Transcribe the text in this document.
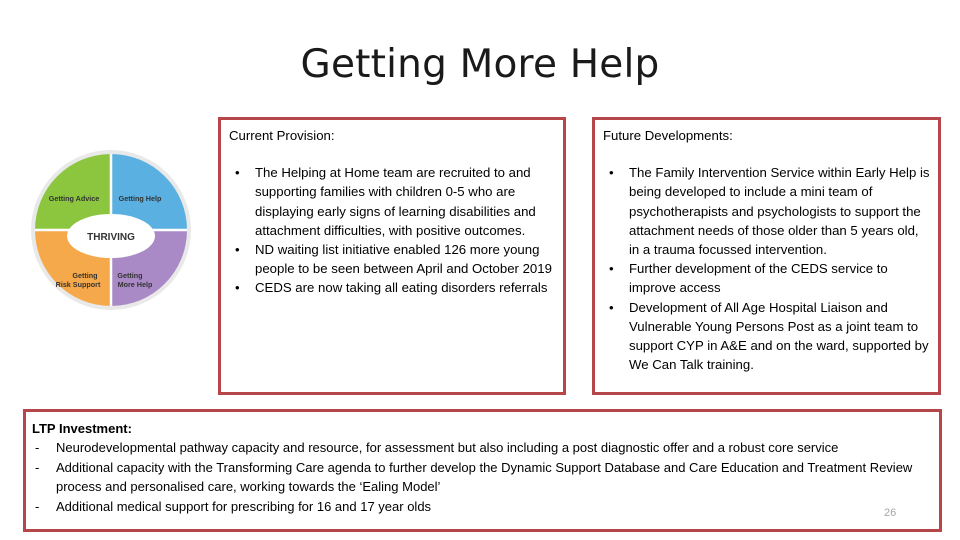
Getting More Help
Getting Advice	Getting Help
Getting
Risk Support
Getting
More Help
THRIVING
Current Provision:
• The Helping at Home team are recruited to and supporting families with children 0-5 who are displaying early signs of learning disabilities and attachment difficulties, with positive outcomes.
• ND waiting list initiative enabled 126 more young people to be seen between April and October 2019
• CEDS are now taking all eating disorders referrals
Future Developments:
• The Family Intervention Service within Early Help is being developed to include a mini team of psychotherapists and psychologists to support the attachment needs of those older than 5 years old, in a trauma focussed intervention.
• Further development of the CEDS service to improve access
• Development of All Age Hospital Liaison and Vulnerable Young Persons Post as a joint team to support CYP in A&E and on the ward, supported by We Can Talk training.
LTP Investment:
- Neurodevelopmental pathway capacity and resource, for assessment but also including a post diagnostic offer and a robust core service
- Additional capacity with the Transforming Care agenda to further develop the Dynamic Support Database and Care Education and Treatment Review process and personalised care, working towards the ‘Ealing Model’
- Additional medical support for prescribing for 16 and 17 year olds	26
